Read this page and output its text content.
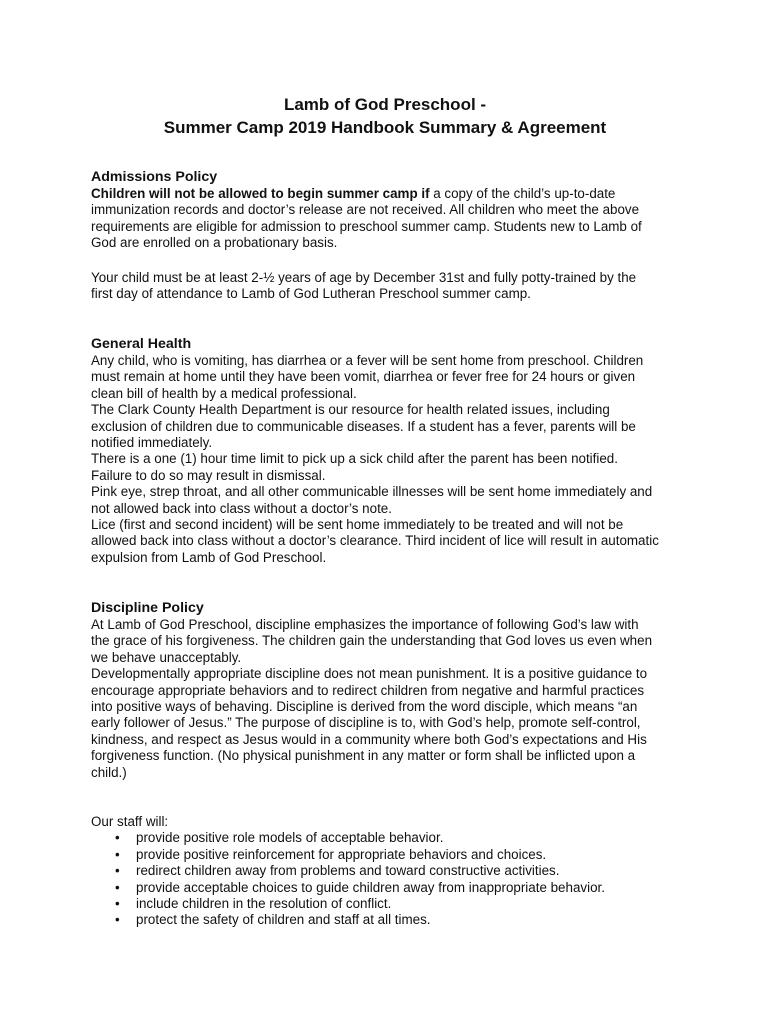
Lamb of God Preschool -
Summer Camp 2019 Handbook Summary & Agreement
Admissions Policy
Children will not be allowed to begin summer camp if a copy of the child’s up-to-date
immunization records and doctor’s release are not received. All children who meet the above
requirements are eligible for admission to preschool summer camp. Students new to Lamb of
God are enrolled on a probationary basis.
Your child must be at least 2-½ years of age by December 31st and fully potty-trained by the
first day of attendance to Lamb of God Lutheran Preschool summer camp.
General Health
Any child, who is vomiting, has diarrhea or a fever will be sent home from preschool. Children
must remain at home until they have been vomit, diarrhea or fever free for 24 hours or given
clean bill of health by a medical professional.
The Clark County Health Department is our resource for health related issues, including
exclusion of children due to communicable diseases. If a student has a fever, parents will be
notified immediately.
There is a one (1) hour time limit to pick up a sick child after the parent has been notified.
Failure to do so may result in dismissal.
Pink eye, strep throat, and all other communicable illnesses will be sent home immediately and
not allowed back into class without a doctor’s note.
Lice (first and second incident) will be sent home immediately to be treated and will not be
allowed back into class without a doctor’s clearance. Third incident of lice will result in automatic
expulsion from Lamb of God Preschool.
Discipline Policy
At Lamb of God Preschool, discipline emphasizes the importance of following God’s law with
the grace of his forgiveness. The children gain the understanding that God loves us even when
we behave unacceptably.
Developmentally appropriate discipline does not mean punishment. It is a positive guidance to
encourage appropriate behaviors and to redirect children from negative and harmful practices
into positive ways of behaving. Discipline is derived from the word disciple, which means “an
early follower of Jesus.” The purpose of discipline is to, with God’s help, promote self-control,
kindness, and respect as Jesus would in a community where both God’s expectations and His
forgiveness function. (No physical punishment in any matter or form shall be inflicted upon a
child.)
Our staff will:
• provide positive role models of acceptable behavior.
• provide positive reinforcement for appropriate behaviors and choices.
• redirect children away from problems and toward constructive activities.
• provide acceptable choices to guide children away from inappropriate behavior.
• include children in the resolution of conflict.
• protect the safety of children and staff at all times.
